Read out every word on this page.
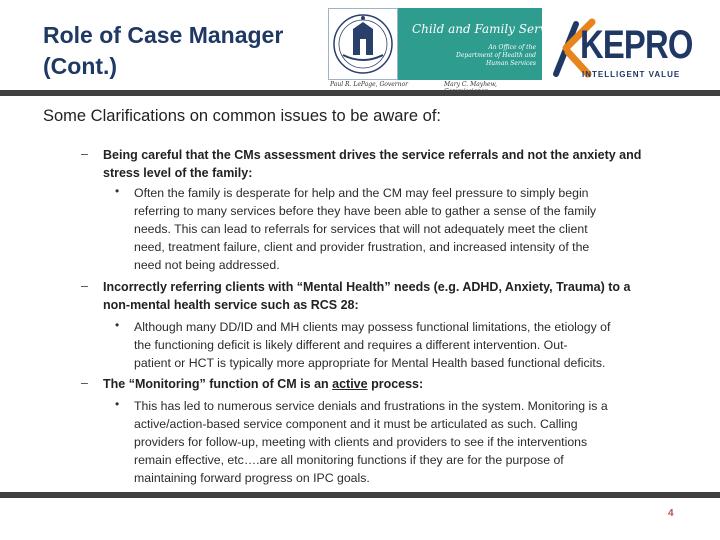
Role of Case Manager
(Cont.)
Child and Family Services
An Office of the
Department of Health and Human Services
Paul R. LePage, Governor	Mary C. Mayhew,
KEPRO
INTELLIGENT VALUE
Some Clarifications on common issues to be aware of:
– Being careful that the CMs assessment drives the service referrals and not the anxiety and
stress level of the family:
• Often the family is desperate for help and the CM may feel pressure to simply begin
referring to many services before they have been able to gather a sense of the family
needs. This can lead to referrals for services that will not adequately meet the client
need, treatment failure, client and provider frustration, and increased intensity of the
need not being addressed.
– Incorrectly referring clients with “Mental Health” needs (e.g. ADHD, Anxiety, Trauma) to a
non-mental health service such as RCS 28:
• Although many DD/ID and MH clients may possess functional limitations, the etiology of
the functioning deficit is likely different and requires a different intervention. Out-
patient or HCT is typically more appropriate for Mental Health based functional deficits.
– The “Monitoring” function of CM is an active process:
• This has led to numerous service denials and frustrations in the system. Monitoring is a
active/action-based service component and it must be articulated as such. Calling
providers for follow-up, meeting with clients and providers to see if the interventions
remain effective, etc….are all monitoring functions if they are for the purpose of
maintaining forward progress on IPC goals.
4
